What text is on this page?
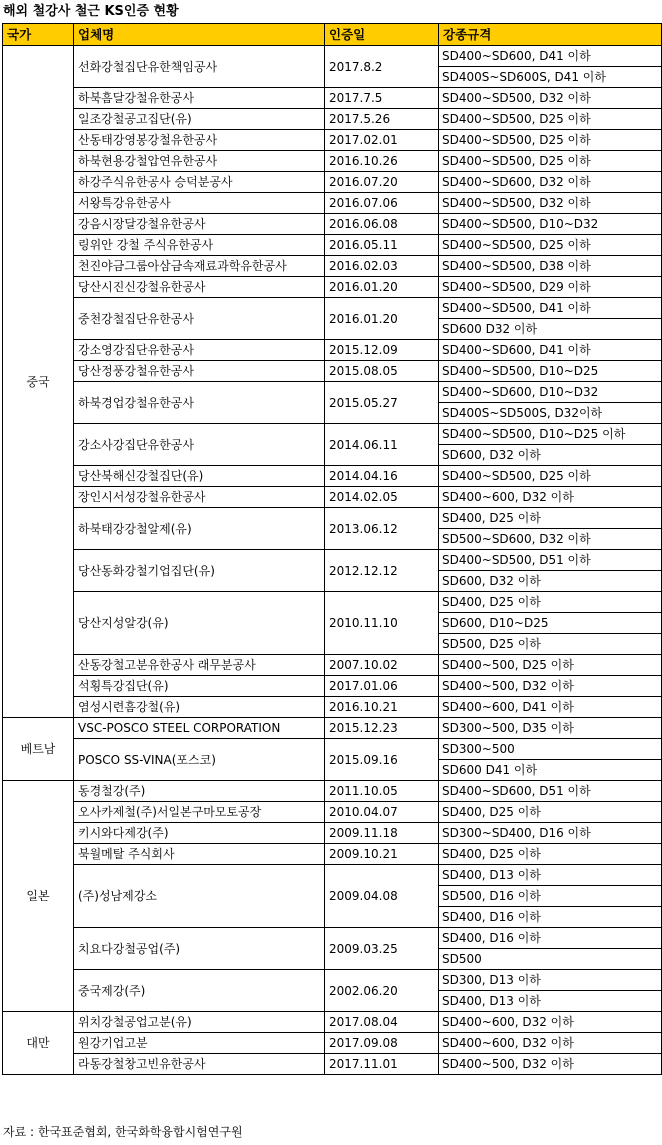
해외 철강사 철근 KS인증 현황
국가	업체명	인증일	강종규격
중국	선화강철집단유한책임공사	2017.8.2	SD400~SD600, D41 이하
			SD400S~SD600S, D41 이하
	하북흠달강철유한공사	2017.7.5	SD400~SD500, D32 이하
	일조강철공고집단(유)	2017.5.26	SD400~SD500, D25 이하
	산동태강영봉강철유한공사	2017.02.01	SD400~SD500, D25 이하
	하북현용강철압연유한공사	2016.10.26	SD400~SD500, D25 이하
	하강주식유한공사 승덕분공사	2016.07.20	SD400~SD600, D32 이하
	서왕특강유한공사	2016.07.06	SD400~SD500, D32 이하
	강음시장달강철유한공사	2016.06.08	SD400~SD500, D10~D32
	링위안 강철 주식유한공사	2016.05.11	SD400~SD500, D25 이하
	천진야금그룹아삼금속재료과학유한공사	2016.02.03	SD400~SD500, D38 이하
	당산시진신강철유한공사	2016.01.20	SD400~SD500, D29 이하
	중천강철집단유한공사	2016.01.20	SD400~SD500, D41 이하
			SD600 D32 이하
	강소영강집단유한공사	2015.12.09	SD400~SD600, D41 이하
	당산정풍강철유한공사	2015.08.05	SD400~SD500, D10~D25
	하북경업강철유한공사	2015.05.27	SD400~SD600, D10~D32
			SD400S~SD500S, D32이하
	강소사강집단유한공사	2014.06.11	SD400~SD500, D10~D25 이하
			SD600, D32 이하
	당산북해신강철집단(유)	2014.04.16	SD400~SD500, D25 이하
	장인시서성강철유한공사	2014.02.05	SD400~600, D32 이하
	하북태강강철알제(유)	2013.06.12	SD400, D25 이하
			SD500~SD600, D32 이하
	당산동화강철기업집단(유)	2012.12.12	SD400~SD500, D51 이하
			SD600, D32 이하
	당산지성알강(유)	2010.11.10	SD400, D25 이하
			SD600, D10~D25
			SD500, D25 이하
	산동강철고분유한공사 래무분공사	2007.10.02	SD400~500, D25 이하
	석횡특강집단(유)	2017.01.06	SD400~500, D32 이하
	염성시련흠강철(유)	2016.10.21	SD400~600, D41 이하
베트남	VSC-POSCO STEEL CORPORATION	2015.12.23	SD300~500, D35 이하
	POSCO SS-VINA(포스코)	2015.09.16	SD300~500
			SD600 D41 이하
일본	동경철강(주)	2011.10.05	SD400~SD600, D51 이하
	오사카제철(주)서일본구마모토공장	2010.04.07	SD400, D25 이하
	키시와다제강(주)	2009.11.18	SD300~SD400, D16 이하
	북월메탈 주식회사	2009.10.21	SD400, D25 이하
	(주)성남제강소	2009.04.08	SD400, D13 이하
			SD500, D16 이하
			SD400, D16 이하
	치요다강철공업(주)	2009.03.25	SD400, D16 이하
			SD500
	중국제강(주)	2002.06.20	SD300, D13 이하
			SD400, D13 이하
대만	위치강철공업고분(유)	2017.08.04	SD400~600, D32 이하
	원강기업고분	2017.09.08	SD400~600, D32 이하
	라동강철창고빈유한공사	2017.11.01	SD400~500, D32 이하
자료 : 한국표준협회, 한국화학융합시험연구원
